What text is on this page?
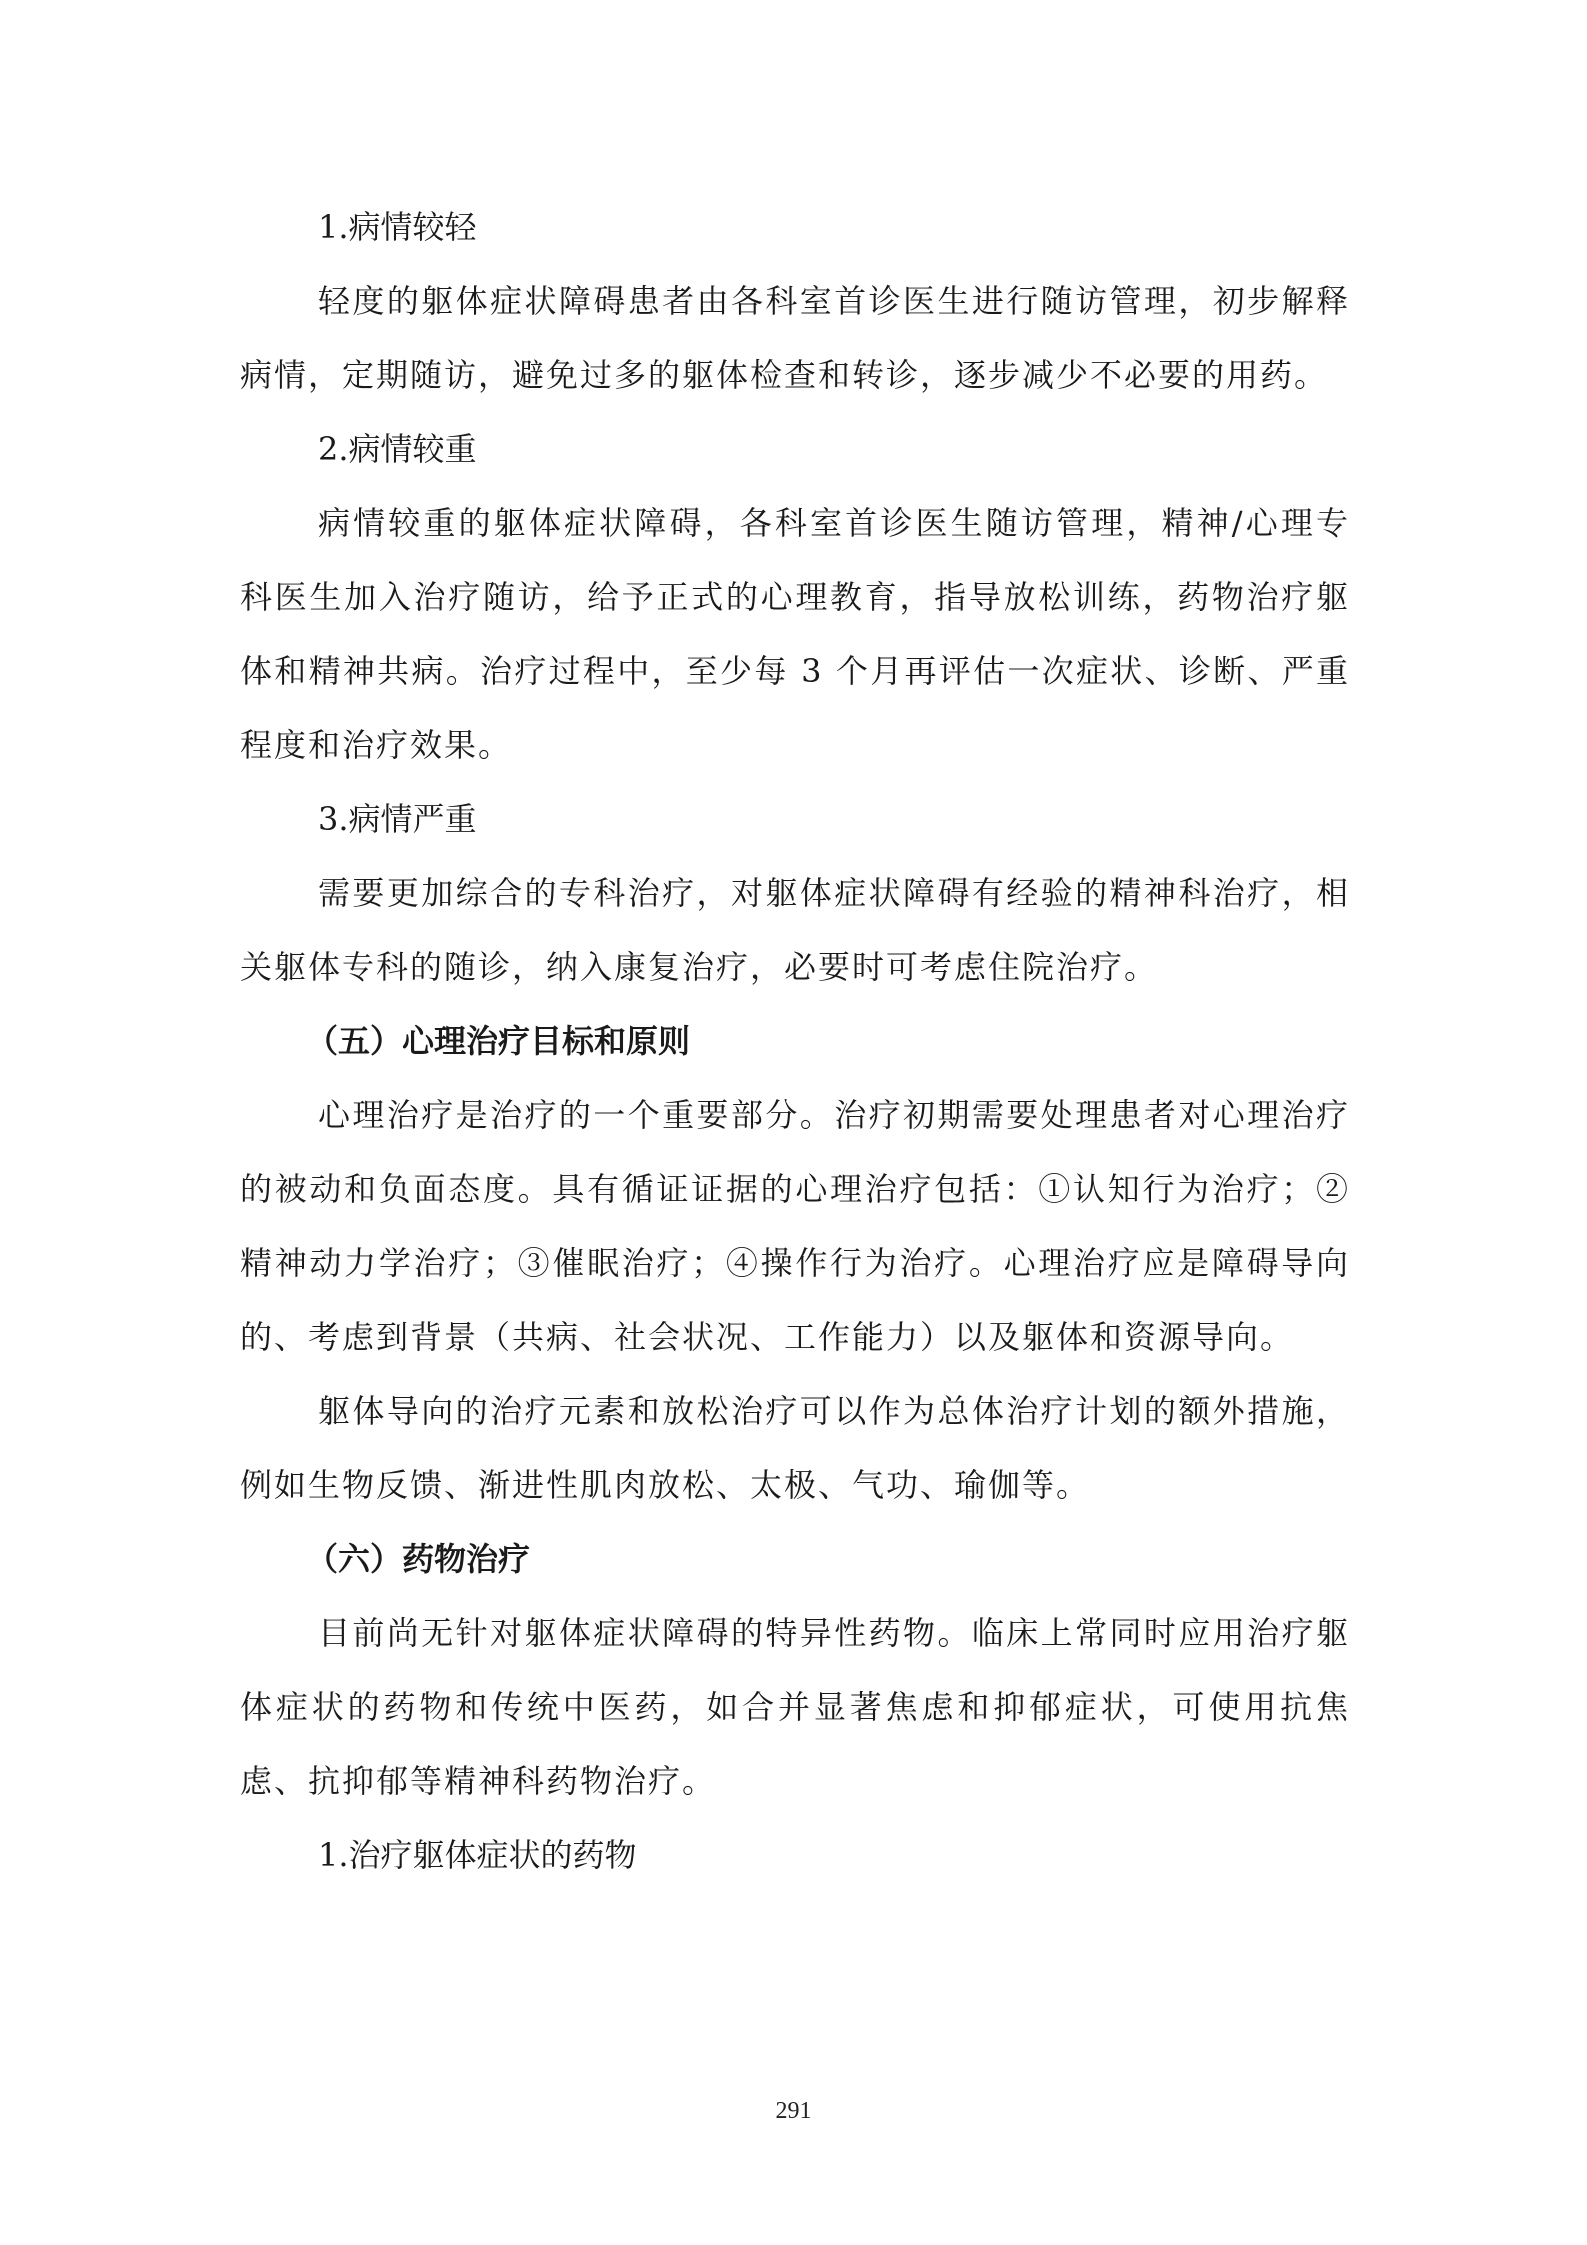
1.病情较轻

轻度的躯体症状障碍患者由各科室首诊医生进行随访管理，初步解释病情，定期随访，避免过多的躯体检查和转诊，逐步减少不必要的用药。

2.病情较重

病情较重的躯体症状障碍，各科室首诊医生随访管理，精神/心理专科医生加入治疗随访，给予正式的心理教育，指导放松训练，药物治疗躯体和精神共病。治疗过程中，至少每 3 个月再评估一次症状、诊断、严重程度和治疗效果。

3.病情严重

需要更加综合的专科治疗，对躯体症状障碍有经验的精神科治疗，相关躯体专科的随诊，纳入康复治疗，必要时可考虑住院治疗。

（五）心理治疗目标和原则

心理治疗是治疗的一个重要部分。治疗初期需要处理患者对心理治疗的被动和负面态度。具有循证证据的心理治疗包括：①认知行为治疗；②精神动力学治疗；③催眠治疗；④操作行为治疗。心理治疗应是障碍导向的、考虑到背景（共病、社会状况、工作能力）以及躯体和资源导向。

躯体导向的治疗元素和放松治疗可以作为总体治疗计划的额外措施，例如生物反馈、渐进性肌肉放松、太极、气功、瑜伽等。

（六）药物治疗

目前尚无针对躯体症状障碍的特异性药物。临床上常同时应用治疗躯体症状的药物和传统中医药，如合并显著焦虑和抑郁症状，可使用抗焦虑、抗抑郁等精神科药物治疗。

1.治疗躯体症状的药物

291
